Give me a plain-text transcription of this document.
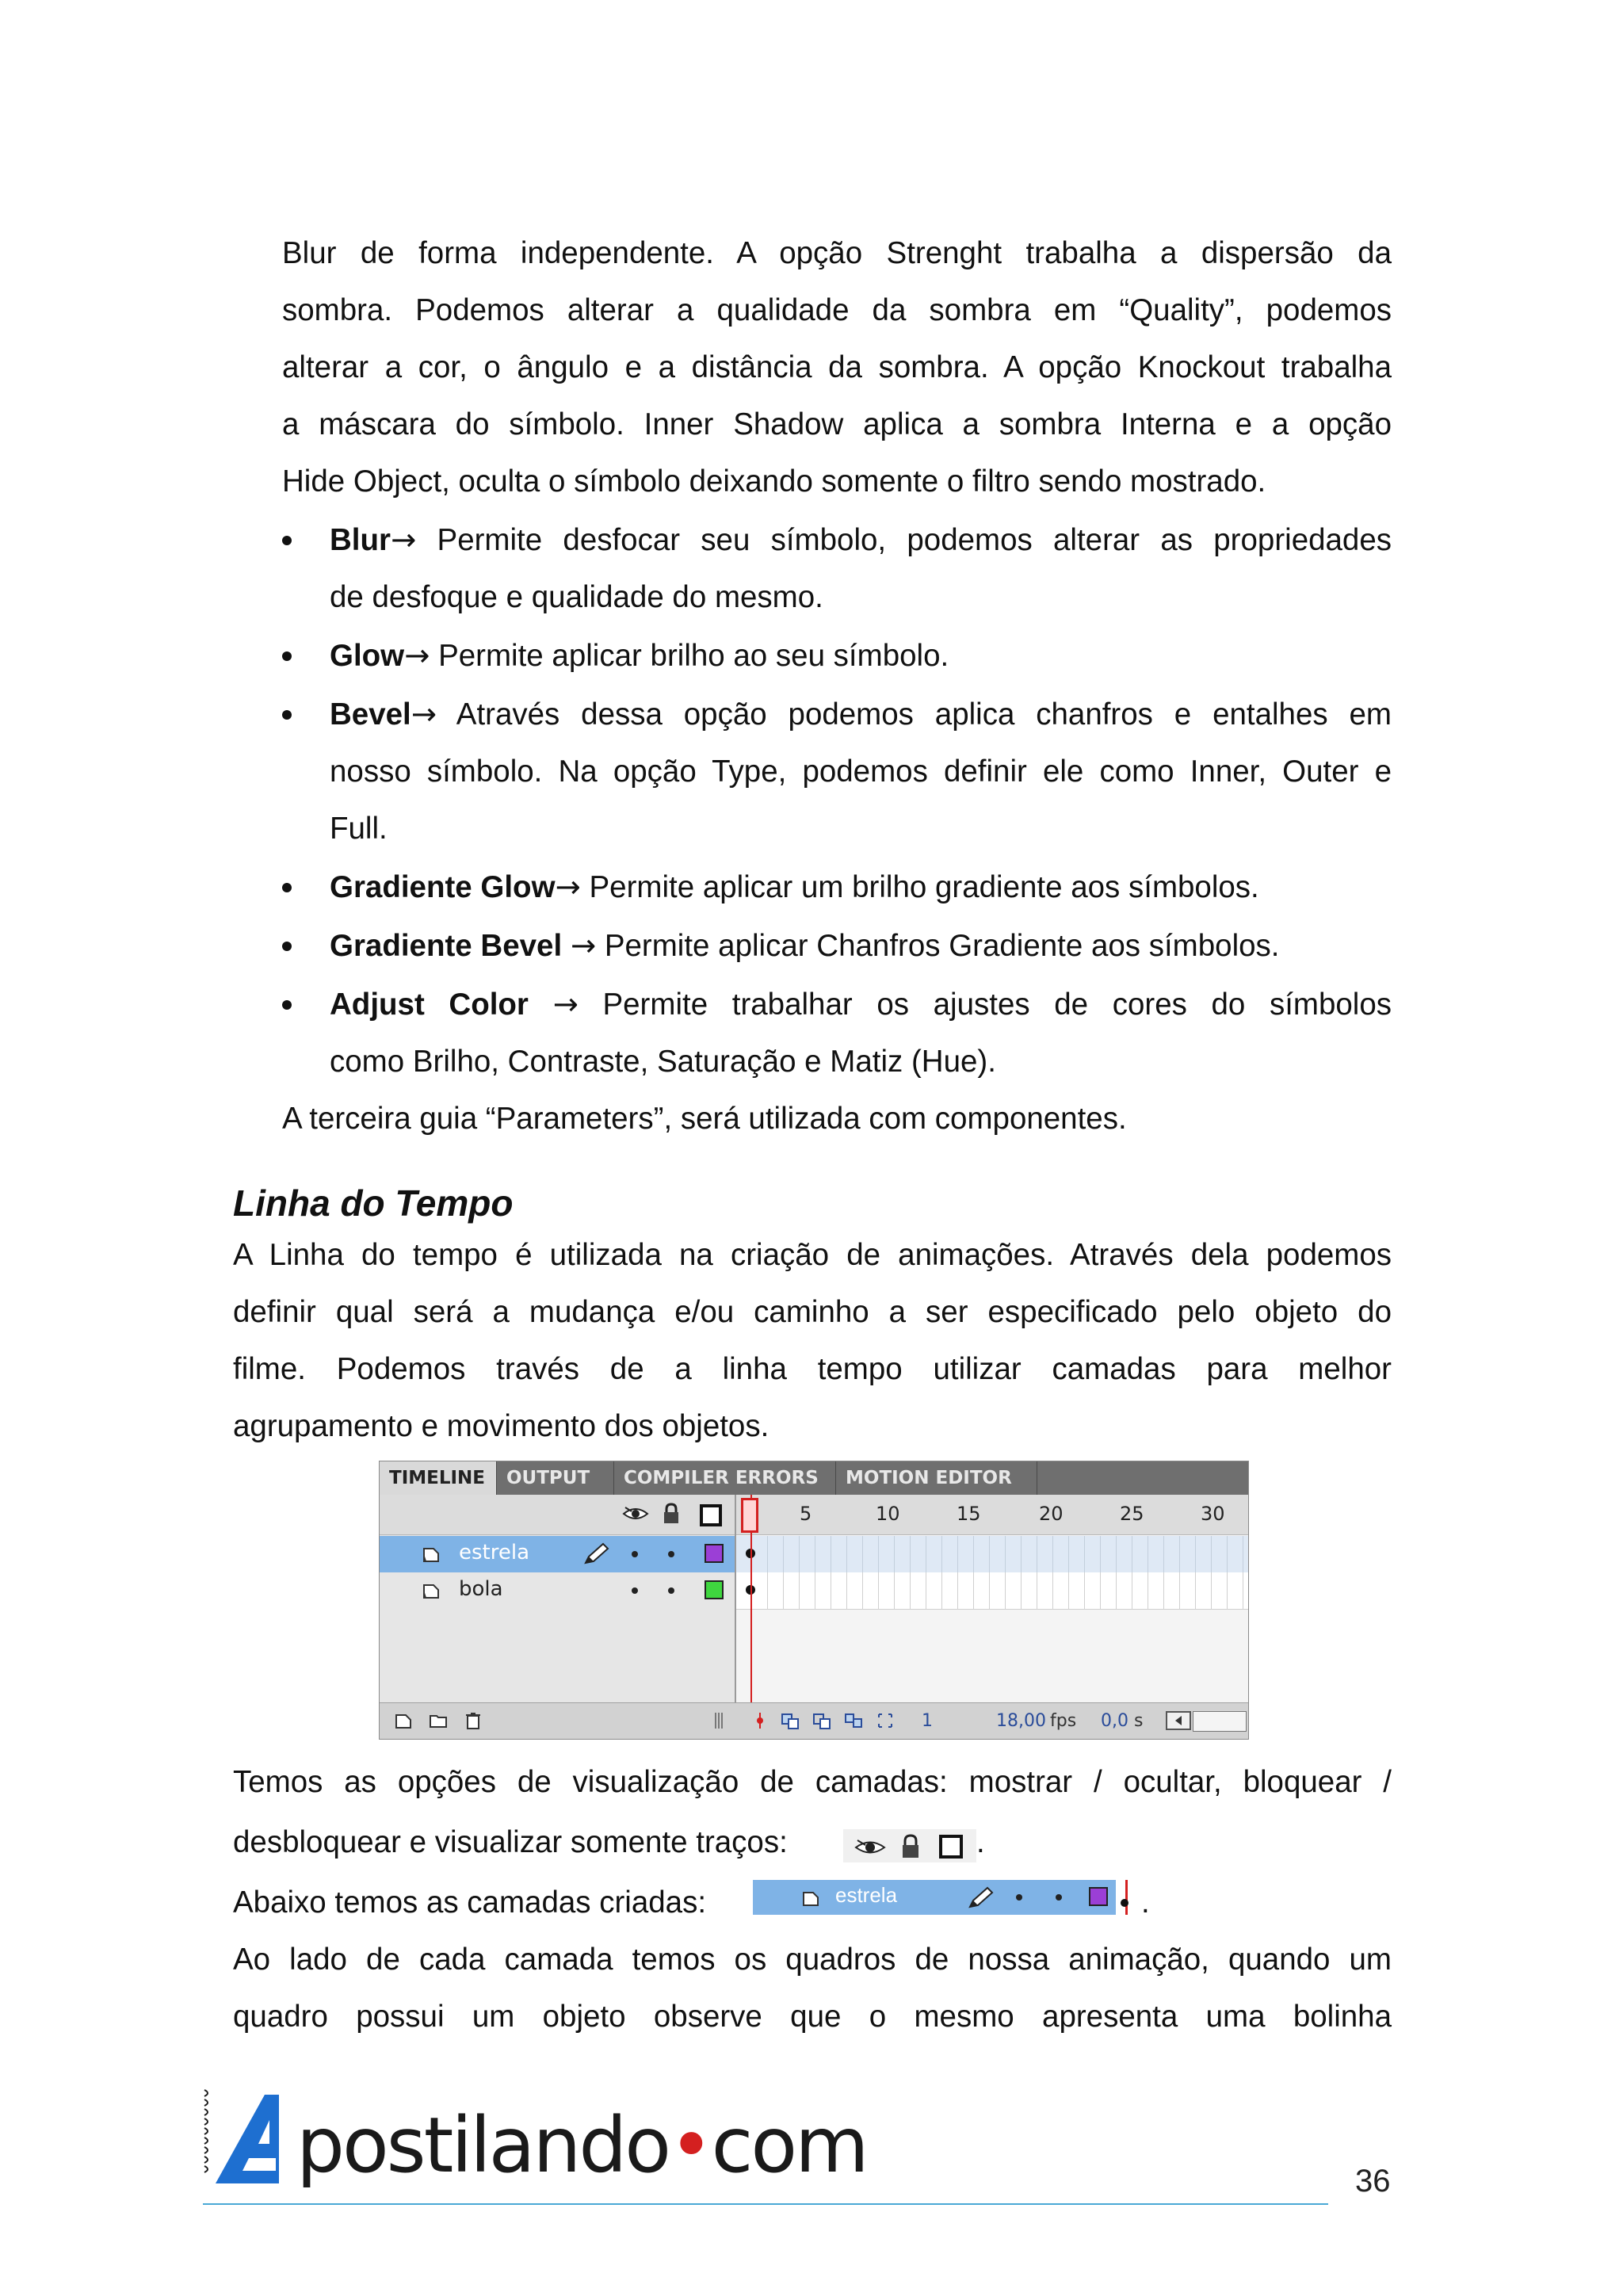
Blur de forma independente. A opção Strenght trabalha a dispersão da

sombra. Podemos alterar a qualidade da sombra em “Quality”, podemos

alterar a cor, o ângulo e a distância da sombra. A opção Knockout trabalha

a máscara do símbolo. Inner Shadow aplica a sombra Interna e a opção

Hide Object, oculta o símbolo deixando somente o filtro sendo mostrado.

Blur→ Permite desfocar seu símbolo, podemos alterar as propriedades
de desfoque e qualidade do mesmo.
Glow→ Permite aplicar brilho ao seu símbolo.
Bevel→ Através dessa opção podemos aplica chanfros e entalhes em
nosso símbolo. Na opção Type, podemos definir ele como Inner, Outer e
Full.
Gradiente Glow→ Permite aplicar um brilho gradiente aos símbolos.
Gradiente Bevel → Permite aplicar Chanfros Gradiente aos símbolos.
Adjust Color → Permite trabalhar os ajustes de cores do símbolos
como Brilho, Contraste, Saturação e Matiz (Hue).

A terceira guia “Parameters”, será utilizada com componentes.

Linha do Tempo

A Linha do tempo é utilizada na criação de animações. Através dela podemos

definir qual será a mudança e/ou caminho a ser especificado pelo objeto do

filme. Podemos través de a linha tempo utilizar camadas para melhor

agrupamento e movimento dos objetos.

TIMELINE	OUTPUT	COMPILER ERRORS	MOTION EDITOR
estrela
bola
5	10	15	20	25	30
1	18,00 fps 0,0 s

Temos as opções de visualização de camadas: mostrar / ocultar, bloquear /

desbloquear e visualizar somente traços:	.

Abaixo temos as camadas criadas:	estrela	.

Ao lado de cada camada temos os quadros de nossa animação, quando um

quadro possui um objeto observe que o mesmo apresenta uma bolinha

postilando•com	36
